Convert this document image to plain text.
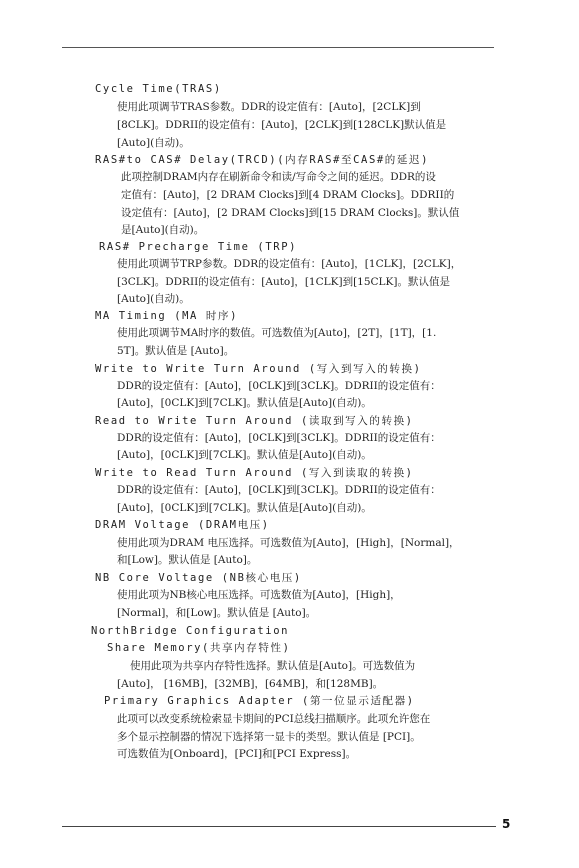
Cycle Time(TRAS)
使用此项调节TRAS参数。DDR的设定值有：[Auto]，[2CLK]到
[8CLK]。DDRII的设定值有：[Auto]，[2CLK]到[128CLK]默认值是
[Auto](自动)。
RAS#to CAS# Delay(TRCD)(内存RAS#至CAS#的延迟)
此项控制DRAM内存在刷新命令和读/写命令之间的延迟。DDR的设
定值有：[Auto]，[2 DRAM Clocks]到[4 DRAM Clocks]。DDRII的
设定值有：[Auto]，[2 DRAM Clocks]到[15 DRAM Clocks]。默认值
是[Auto](自动)。
RAS# Precharge Time (TRP)
使用此项调节TRP参数。DDR的设定值有：[Auto]，[1CLK]，[2CLK]，
[3CLK]。DDRII的设定值有：[Auto]，[1CLK]到[15CLK]。默认值是
[Auto](自动)。
MA Timing (MA 时序)
使用此项调节MA时序的数值。可选数值为[Auto]，[2T]，[1T]，[1.
5T]。默认值是 [Auto]。
Write to Write Turn Around (写入到写入的转换)
DDR的设定值有：[Auto]，[0CLK]到[3CLK]。DDRII的设定值有：
[Auto]，[0CLK]到[7CLK]。默认值是[Auto](自动)。
Read to Write Turn Around (读取到写入的转换)
DDR的设定值有：[Auto]，[0CLK]到[3CLK]。DDRII的设定值有：
[Auto]，[0CLK]到[7CLK]。默认值是[Auto](自动)。
Write to Read Turn Around (写入到读取的转换)
DDR的设定值有：[Auto]，[0CLK]到[3CLK]。DDRII的设定值有：
[Auto]，[0CLK]到[7CLK]。默认值是[Auto](自动)。
DRAM Voltage (DRAM电压)
使用此项为DRAM 电压选择。可选数值为[Auto]，[High]，[Normal]，
和[Low]。默认值是 [Auto]。
NB Core Voltage (NB核心电压)
使用此项为NB核心电压选择。可选数值为[Auto]，[High]，
[Normal]，和[Low]。默认值是 [Auto]。
NorthBridge Configuration
Share Memory(共享内存特性)
使用此项为共享内存特性选择。默认值是[Auto]。可选数值为
[Auto]， [16MB]，[32MB]，[64MB]，和[128MB]。
Primary Graphics Adapter (第一位显示适配器)
此项可以改变系统检索显卡期间的PCI总线扫描顺序。此项允许您在
多个显示控制器的情况下选择第一显卡的类型。默认值是 [PCI]。
可选数值为[Onboard]，[PCI]和[PCI Express]。
5
